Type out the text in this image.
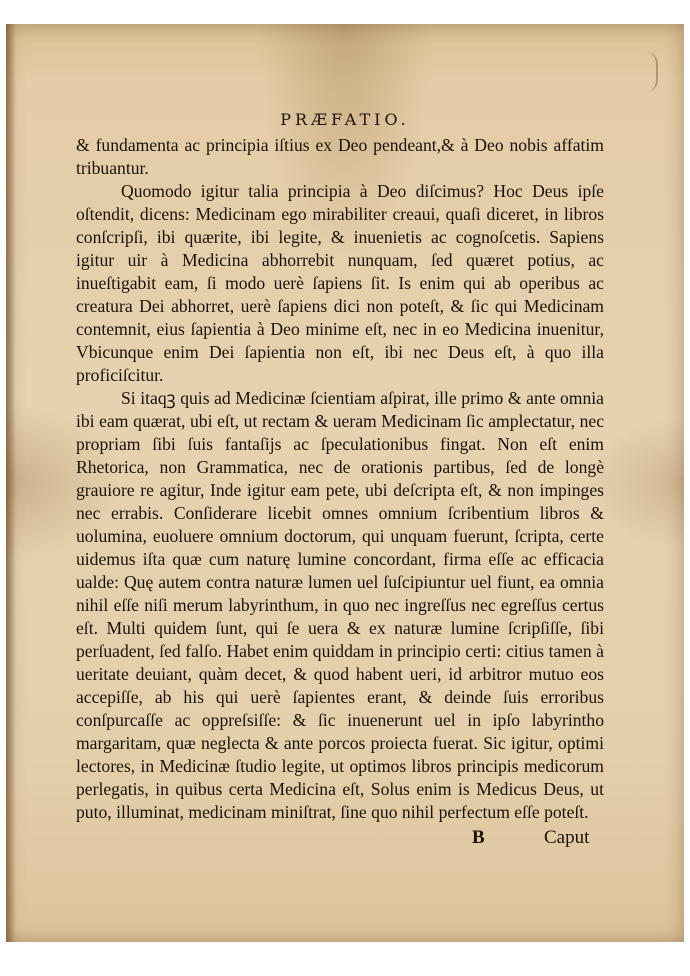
PRÆFATIO.

& fundamenta ac principia iſtius ex Deo pendeant,& à Deo nobis affatim tribuantur.

Quomodo igitur talia principia à Deo diſcimus? Hoc Deus ipſe oſtendit, dicens: Medicinam ego mirabiliter creaui, quaſi diceret, in libros conſcripſi, ibi quærite, ibi legite, & inuenietis ac cognoſcetis. Sapiens igitur uir à Medicina abhorrebit nunquam, ſed quæret potius, ac inueſtigabit eam, ſi modo uerè ſapiens ſit. Is enim qui ab operibus ac creatura Dei abhorret, uerè ſapiens dici non poteſt, & ſic qui Medicinam contemnit, eius ſapientia à Deo minime eſt, nec in eo Medicina inuenitur, Vbicunque enim Dei ſapientia non eſt, ibi nec Deus eſt, à quo illa proficiſcitur.

Si itaqꝫ quis ad Medicinæ ſcientiam aſpirat, ille primo & ante omnia ibi eam quærat, ubi eſt, ut rectam & ueram Medicinam ſic amplectatur, nec propriam ſibi ſuis fantaſijs ac ſpeculationibus fingat. Non eſt enim Rhetorica, non Grammatica, nec de orationis partibus, ſed de longè grauiore re agitur, Inde igitur eam pete, ubi deſcripta eſt, & non impinges nec errabis. Conſiderare licebit omnes omnium ſcribentium libros & uolumina, euoluere omnium doctorum, qui unquam fuerunt, ſcripta, certe uidemus iſta quæ cum naturę lumine concordant, firma eſſe ac efficacia ualde: Quę autem contra naturæ lumen uel ſuſcipiuntur uel fiunt, ea omnia nihil eſſe niſi merum labyrinthum, in quo nec ingreſſus nec egreſſus certus eſt. Multi quidem ſunt, qui ſe uera & ex naturæ lumine ſcripſiſſe, ſibi perſuadent, ſed falſo. Habet enim quiddam in principio certi: citius tamen à ueritate deuiant, quàm decet, & quod habent ueri, id arbitror mutuo eos accepiſſe, ab his qui uerè ſapientes erant, & deinde ſuis erroribus conſpurcaſſe ac oppreſsiſſe: & ſic inuenerunt uel in ipſo labyrintho margaritam, quæ neglecta & ante porcos proiecta fuerat. Sic igitur, optimi lectores, in Medicinæ ſtudio legite, ut optimos libros principis medicorum perlegatis, in quibus certa Medicina eſt, Solus enim is Medicus Deus, ut puto, illuminat, medicinam miniſtrat, ſine quo nihil perfectum eſſe poteſt.

B	Caput
